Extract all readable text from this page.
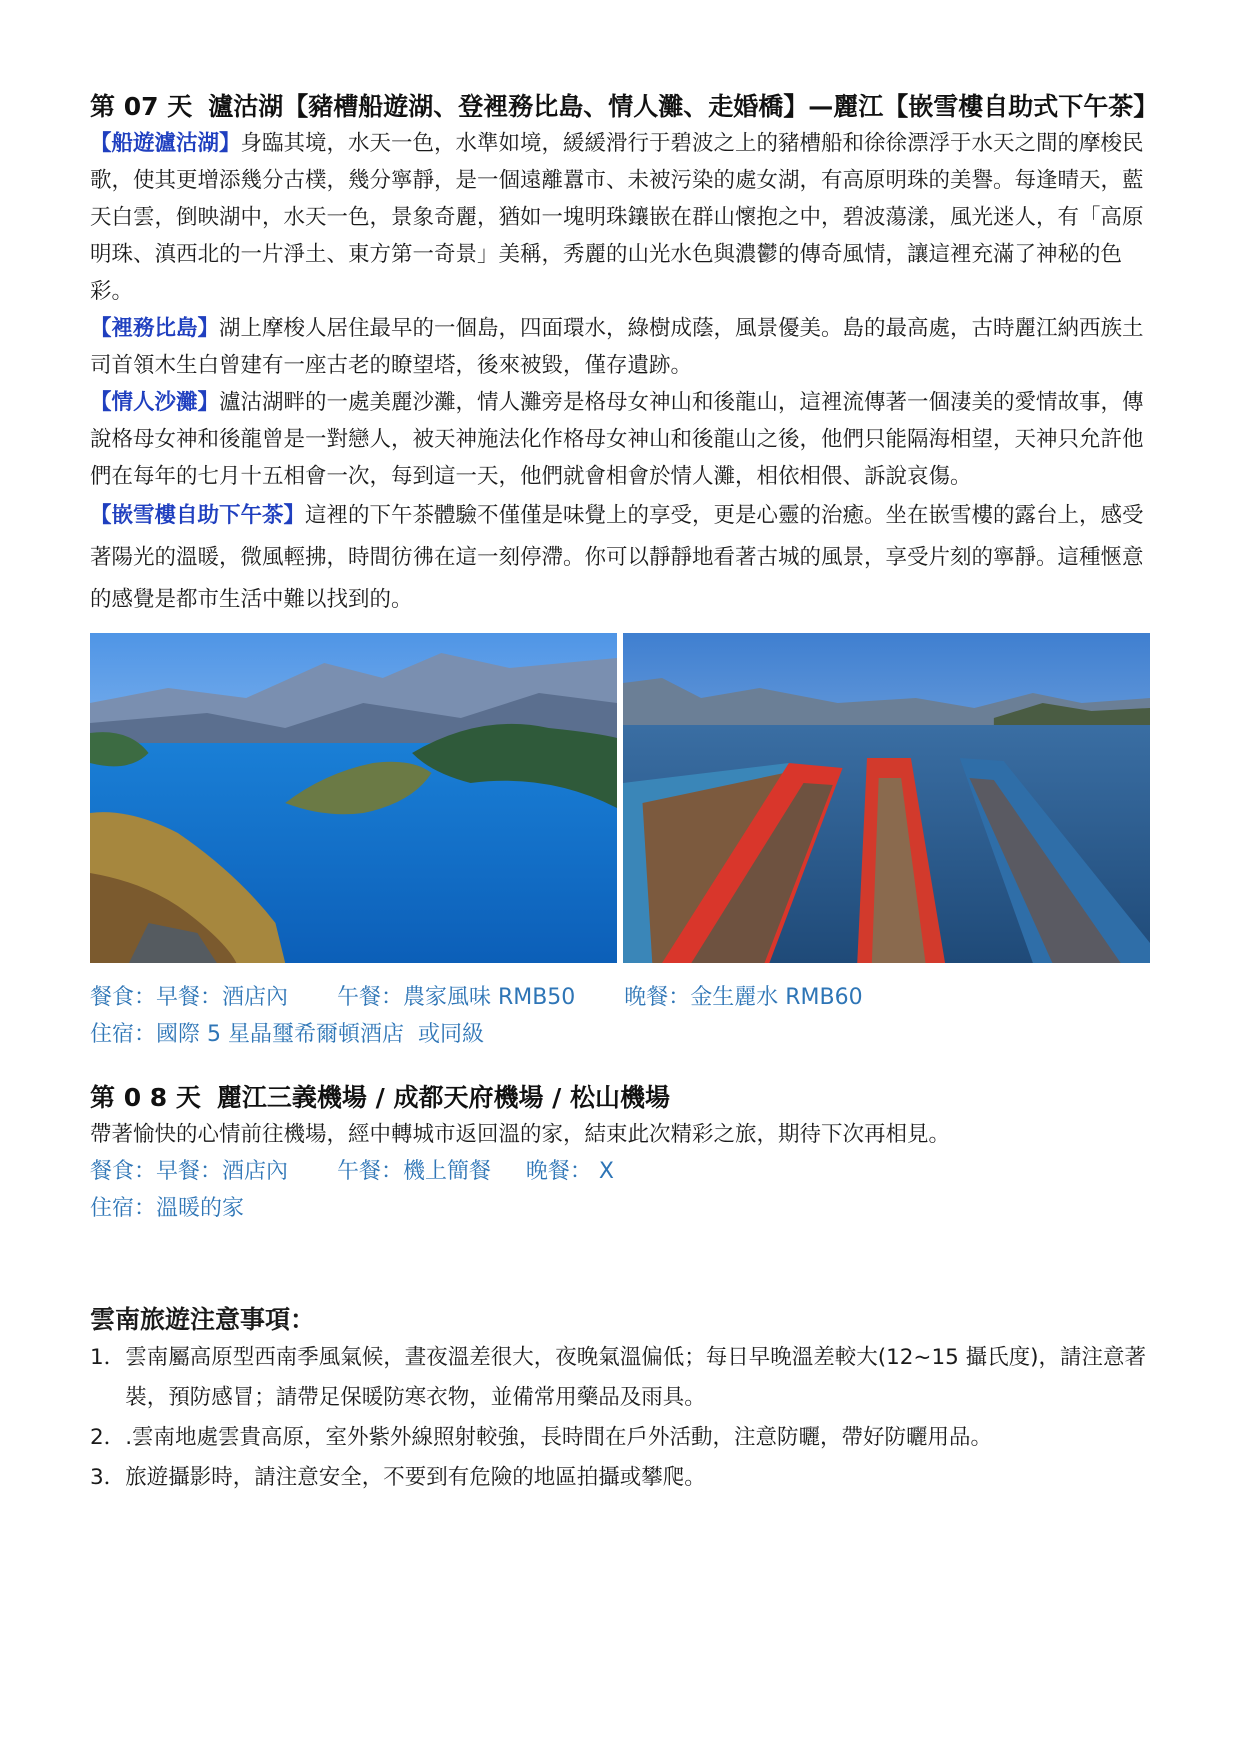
第 07 天 瀘沽湖【豬槽船遊湖、登裡務比島、情人灘、走婚橋】—麗江【嵌雪樓自助式下午茶】

【船遊瀘沽湖】身臨其境，水天一色，水準如境，緩緩滑行于碧波之上的豬槽船和徐徐漂浮于水天之間的摩梭民歌，使其更增添幾分古樸，幾分寧靜，是一個遠離囂市、未被污染的處女湖，有高原明珠的美譽。每逢晴天，藍天白雲，倒映湖中，水天一色，景象奇麗，猶如一塊明珠鑲嵌在群山懷抱之中，碧波蕩漾，風光迷人，有「高原明珠、滇西北的一片淨土、東方第一奇景」美稱，秀麗的山光水色與濃鬱的傳奇風情，讓這裡充滿了神秘的色彩。

【裡務比島】湖上摩梭人居住最早的一個島，四面環水，綠樹成蔭，風景優美。島的最高處，古時麗江納西族土司首領木生白曾建有一座古老的瞭望塔，後來被毀，僅存遺跡。

【情人沙灘】瀘沽湖畔的一處美麗沙灘，情人灘旁是格母女神山和後龍山，這裡流傳著一個淒美的愛情故事，傳說格母女神和後龍曾是一對戀人，被天神施法化作格母女神山和後龍山之後，他們只能隔海相望，天神只允許他們在每年的七月十五相會一次，每到這一天，他們就會相會於情人灘，相依相偎、訴說哀傷。

【嵌雪樓自助下午茶】這裡的下午茶體驗不僅僅是味覺上的享受，更是心靈的治癒。坐在嵌雪樓的露台上，感受著陽光的溫暖，微風輕拂，時間彷彿在這一刻停滯。你可以靜靜地看著古城的風景，享受片刻的寧靜。這種愜意的感覺是都市生活中難以找到的。

餐食：早餐：酒店內       午餐：農家風味 RMB50       晚餐：金生麗水 RMB60

住宿：國際 5 星晶璽希爾頓酒店  或同級

第 0 8 天 麗江三義機場 / 成都天府機場 / 松山機場

帶著愉快的心情前往機場，經中轉城市返回溫的家，結束此次精彩之旅，期待下次再相見。

餐食：早餐：酒店內       午餐：機上簡餐     晚餐： X

住宿：溫暖的家

雲南旅遊注意事項：
1． 雲南屬高原型西南季風氣候，晝夜溫差很大，夜晚氣溫偏低；每日早晚溫差較大(12~15 攝氏度)，請注意著裝，預防感冒；請帶足保暖防寒衣物，並備常用藥品及雨具。
2． .雲南地處雲貴高原，室外紫外線照射較強，長時間在戶外活動，注意防曬，帶好防曬用品。
3． 旅遊攝影時，請注意安全，不要到有危險的地區拍攝或攀爬。
